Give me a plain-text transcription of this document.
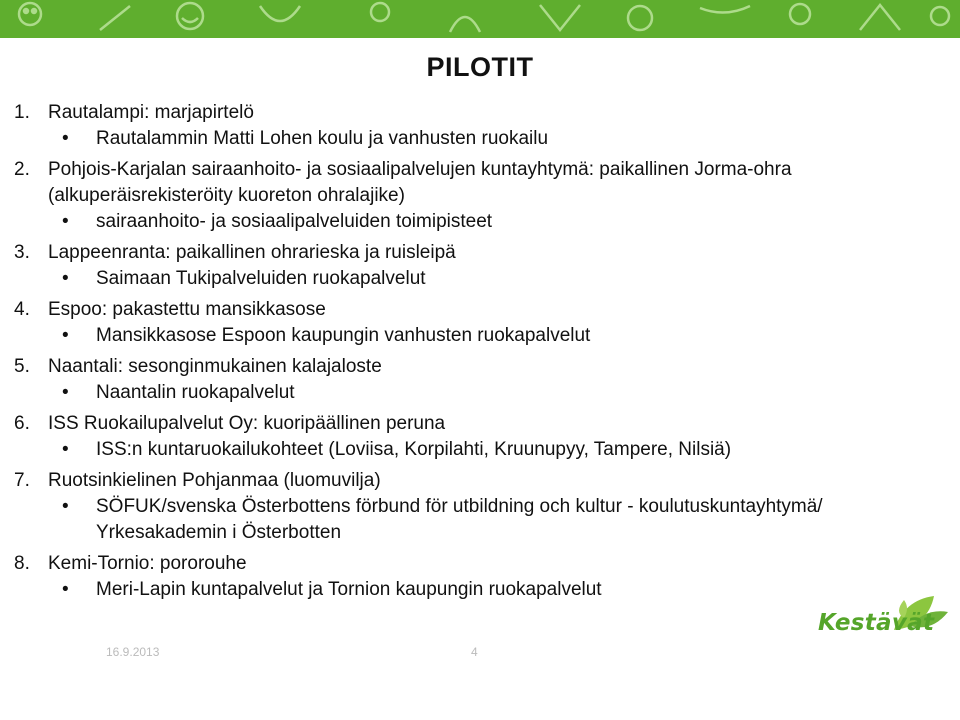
PILOTIT
1. Rautalampi: marjapirtelö
•	Rautalammin Matti Lohen koulu ja vanhusten ruokailu
2. Pohjois-Karjalan sairaanhoito- ja sosiaalipalvelujen kuntayhtymä: paikallinen Jorma-ohra (alkuperäisrekisteröity kuoreton ohralajike)
•	sairaanhoito- ja sosiaalipalveluiden toimipisteet
3. Lappeenranta: paikallinen ohrarieska ja ruisleipä
•	Saimaan Tukipalveluiden ruokapalvelut
4. Espoo: pakastettu mansikkasose
•	Mansikkasose Espoon kaupungin vanhusten ruokapalvelut
5. Naantali: sesonginmukainen kalajaloste
•	Naantalin ruokapalvelut
6. ISS Ruokailupalvelut Oy: kuoripäällinen peruna
•	ISS:n kuntaruokailukohteet (Loviisa, Korpilahti, Kruunupyy, Tampere, Nilsiä)
7. Ruotsinkielinen Pohjanmaa (luomuvilja)
•	SÖFUK/svenska Österbottens förbund för utbildning och kultur - koulutuskuntayhtymä/ Yrkesakademin i Österbotten
8. Kemi-Tornio: pororouhe
•	Meri-Lapin kuntapalvelut ja Tornion kaupungin ruokapalvelut
16.9.2013	4
Kestävät
